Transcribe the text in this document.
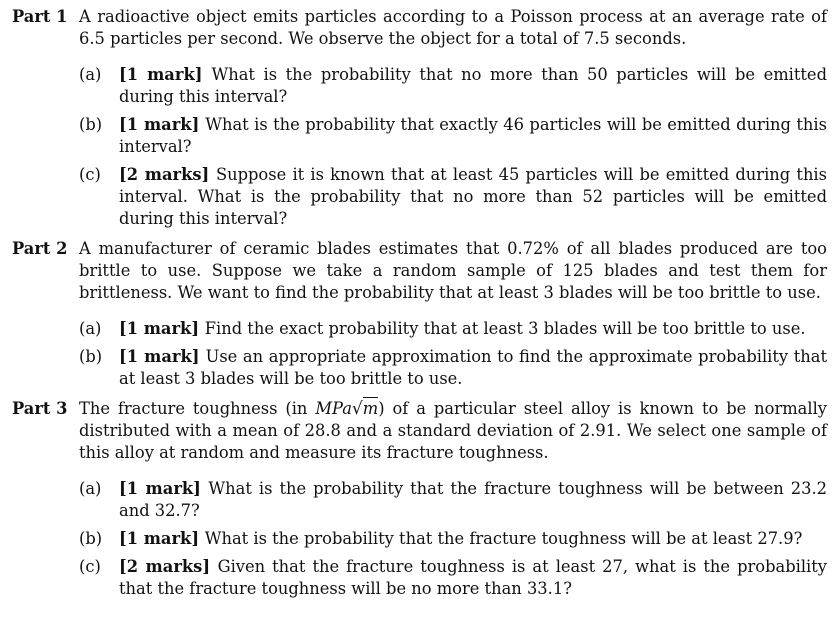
Part 1 A radioactive object emits particles according to a Poisson process at an average rate of 6.5 particles per second. We observe the object for a total of 7.5 seconds.
(a) [1 mark] What is the probability that no more than 50 particles will be emitted during this interval?
(b) [1 mark] What is the probability that exactly 46 particles will be emitted during this interval?
(c) [2 marks] Suppose it is known that at least 45 particles will be emitted during this interval. What is the probability that no more than 52 particles will be emitted during this interval?
Part 2 A manufacturer of ceramic blades estimates that 0.72% of all blades produced are too brittle to use. Suppose we take a random sample of 125 blades and test them for brittleness. We want to find the probability that at least 3 blades will be too brittle to use.
(a) [1 mark] Find the exact probability that at least 3 blades will be too brittle to use.
(b) [1 mark] Use an appropriate approximation to find the approximate probability that at least 3 blades will be too brittle to use.
Part 3 The fracture toughness (in MPa√m) of a particular steel alloy is known to be normally distributed with a mean of 28.8 and a standard deviation of 2.91. We select one sample of this alloy at random and measure its fracture toughness.
(a) [1 mark] What is the probability that the fracture toughness will be between 23.2 and 32.7?
(b) [1 mark] What is the probability that the fracture toughness will be at least 27.9?
(c) [2 marks] Given that the fracture toughness is at least 27, what is the probability that the fracture toughness will be no more than 33.1?
